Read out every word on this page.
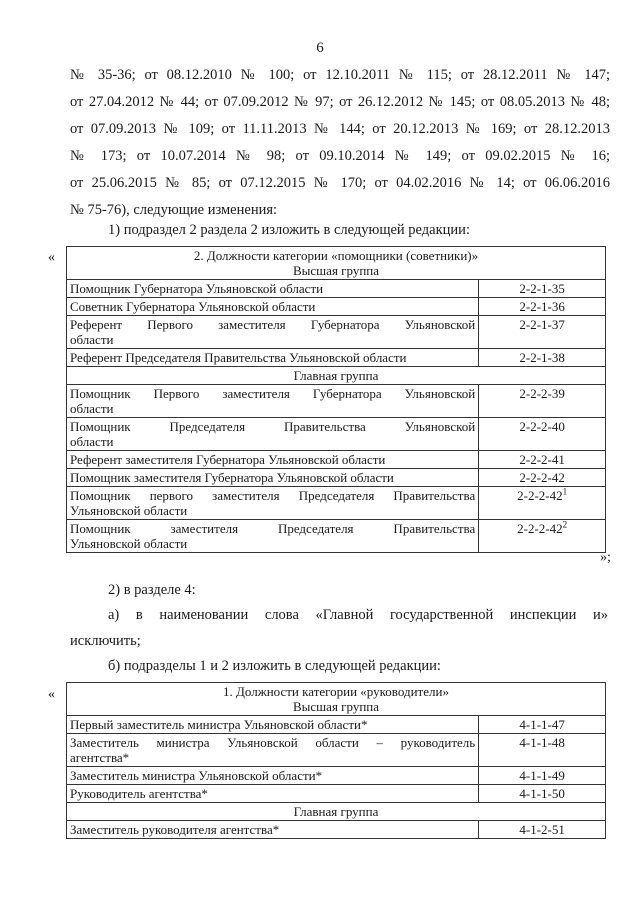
6
№ 35-36; от 08.12.2010 № 100; от 12.10.2011 № 115; от 28.12.2011 № 147;
от 27.04.2012 № 44; от 07.09.2012 № 97; от 26.12.2012 № 145; от 08.05.2013 № 48;
от 07.09.2013 № 109; от 11.11.2013 № 144; от 20.12.2013 № 169; от 28.12.2013
№ 173; от 10.07.2014 № 98; от 09.10.2014 № 149; от 09.02.2015 № 16;
от 25.06.2015 № 85; от 07.12.2015 № 170; от 04.02.2016 № 14; от 06.06.2016
№ 75-76), следующие изменения:
1) подраздел 2 раздела 2 изложить в следующей редакции:
«	2. Должности категории «помощники (советники)»
Высшая группа	
Помощник Губернатора Ульяновской области	2-2-1-35
Советник Губернатора Ульяновской области	2-2-1-36
Референт Первого заместителя Губернатора Ульяновской
области	2-2-1-37
Референт Председателя Правительства Ульяновской области	2-2-1-38
Главная группа	
Помощник Первого заместителя Губернатора Ульяновской
области	2-2-2-39
Помощник Председателя Правительства Ульяновской
области	2-2-2-40
Референт заместителя Губернатора Ульяновской области	2-2-2-41
Помощник заместителя Губернатора Ульяновской области	2-2-2-42
Помощник первого заместителя Председателя Правительства
Ульяновской области	$2-2-2-42^1$
Помощник заместителя Председателя Правительства
Ульяновской области	$2-2-2-42^2$
»;
2) в разделе 4:
а) в наименовании слова «Главной государственной инспекции и»
исключить;
б) подразделы 1 и 2 изложить в следующей редакции:
«	1. Должности категории «руководители»
Высшая группа	
Первый заместитель министра Ульяновской области*	4-1-1-47
Заместитель министра Ульяновской области – руководитель
агентства*	4-1-1-48
Заместитель министра Ульяновской области*	4-1-1-49
Руководитель агентства*	4-1-1-50
Главная группа	
Заместитель руководителя агентства*	4-1-2-51
